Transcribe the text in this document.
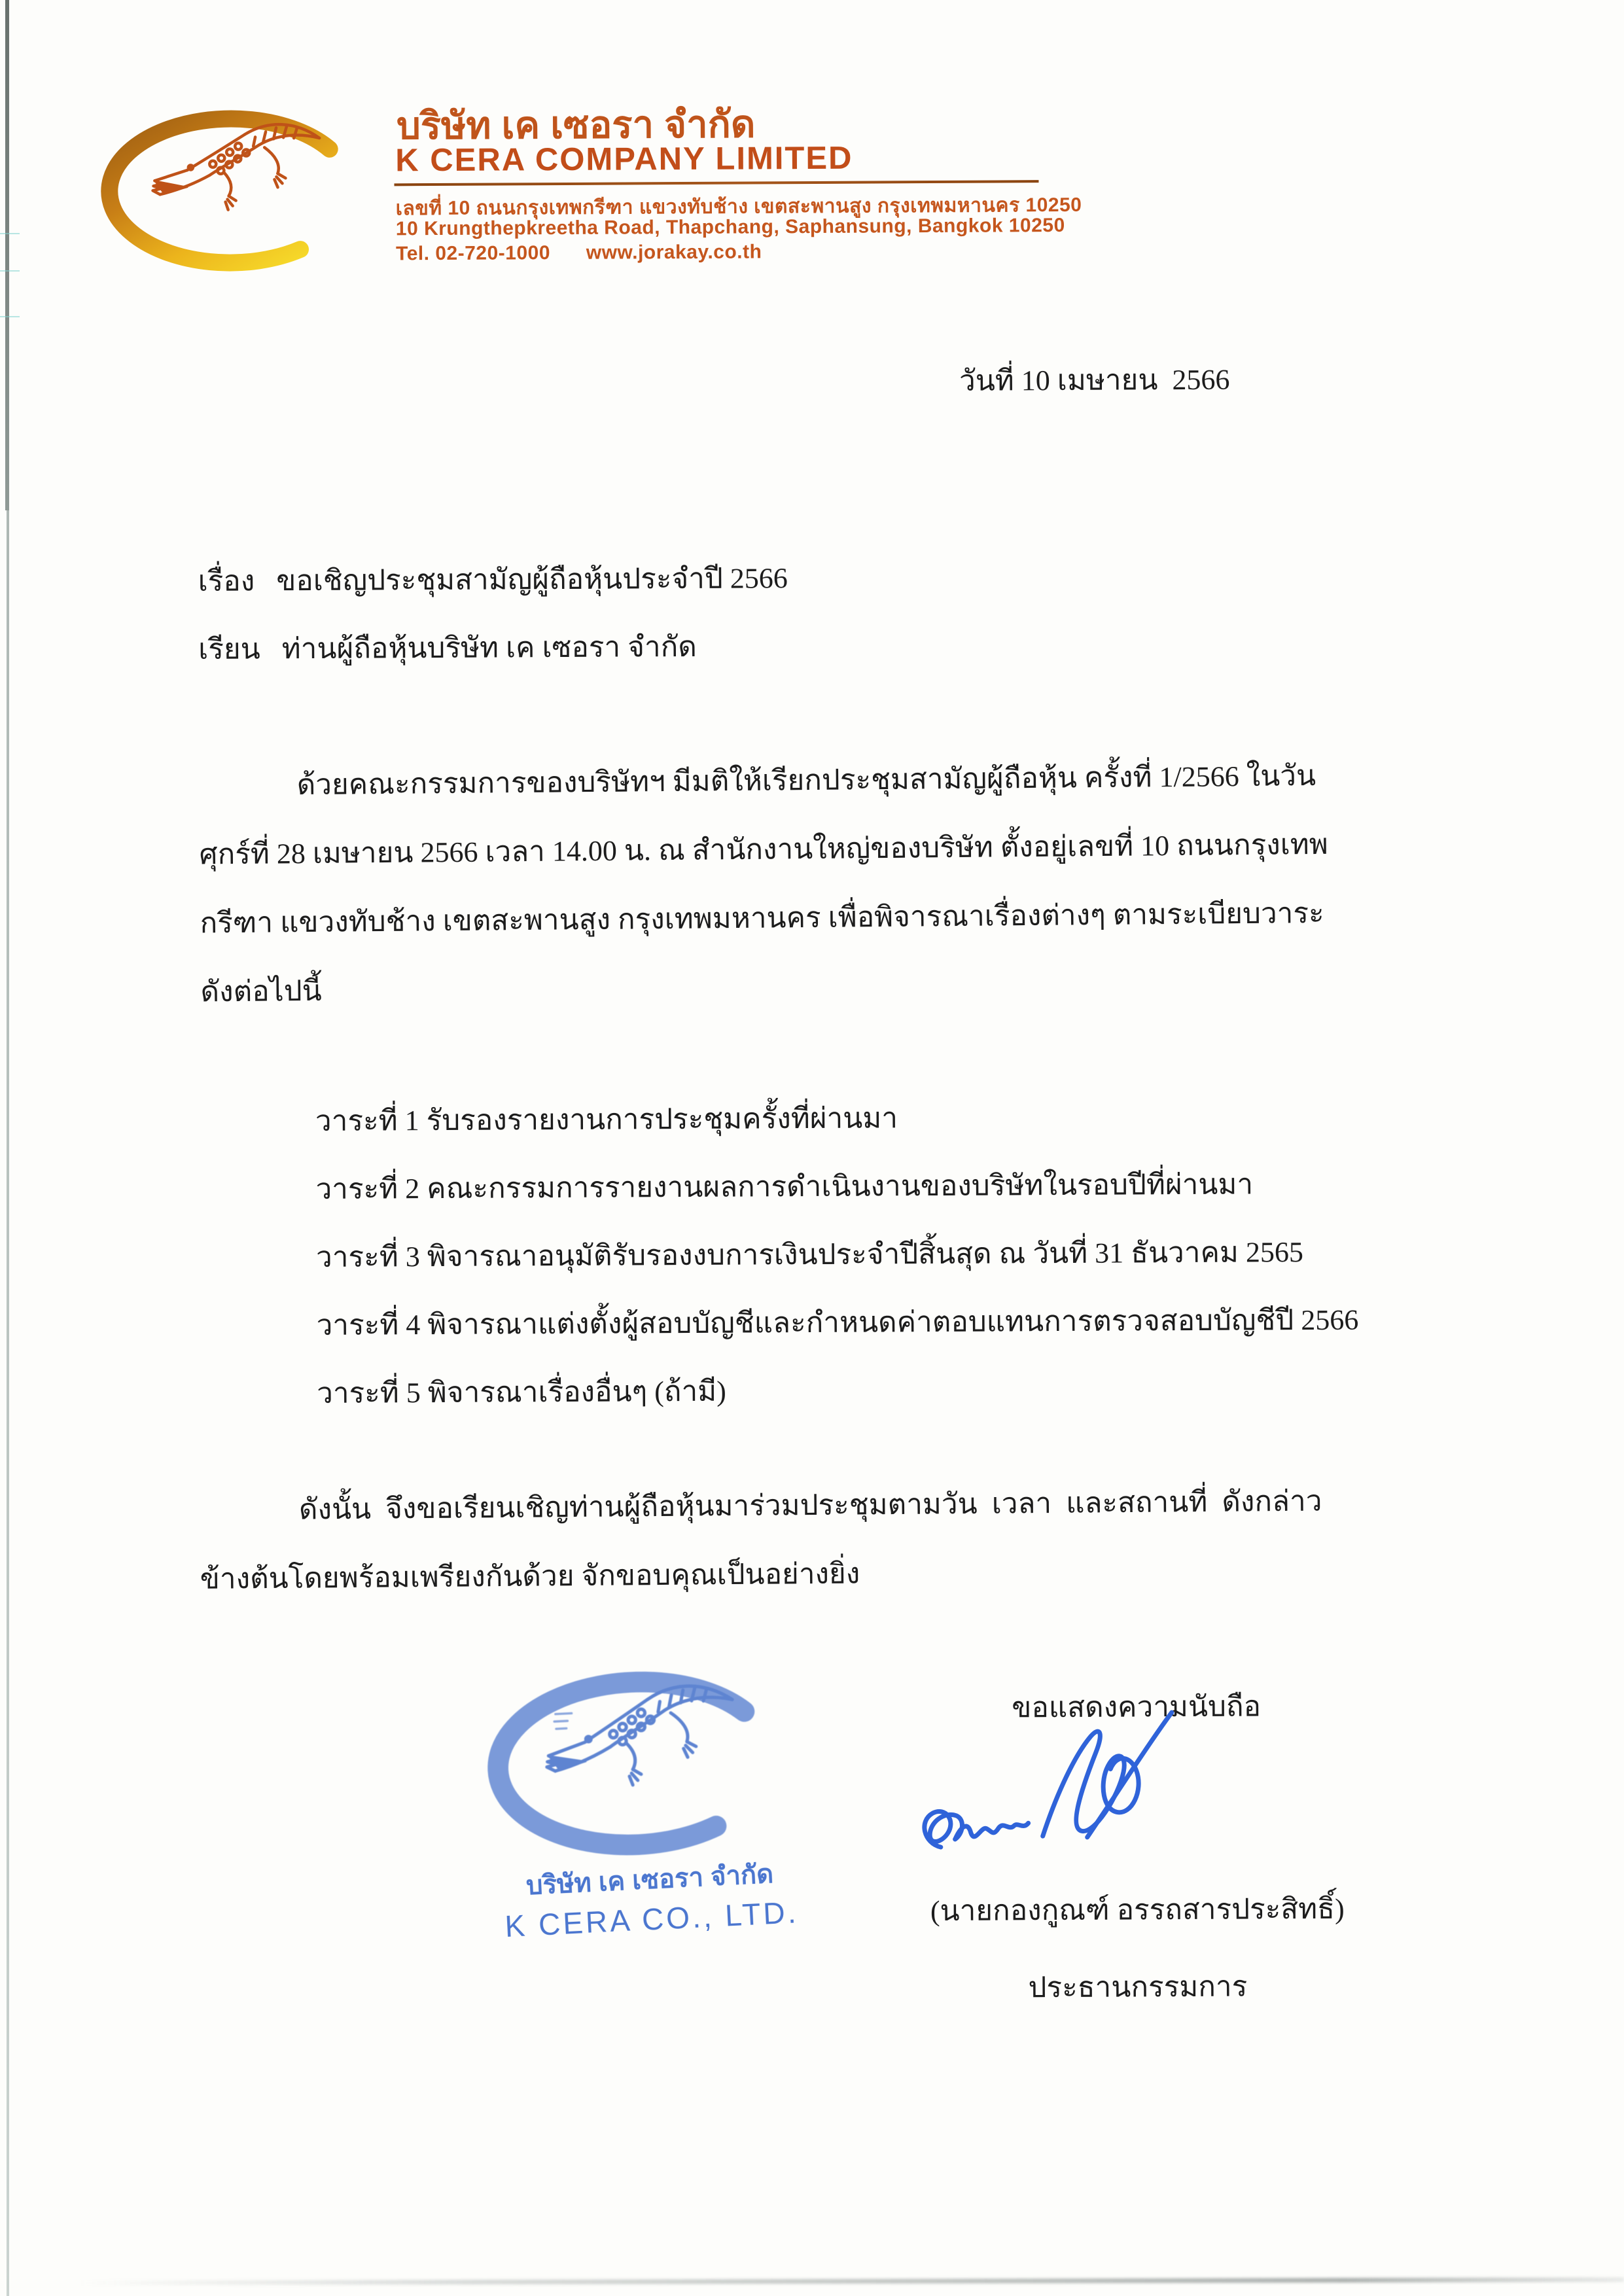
บริษัท เค เซอรา จำกัด
K CERA COMPANY LIMITED
เลขที่ 10 ถนนกรุงเทพกรีฑา แขวงทับช้าง เขตสะพานสูง กรุงเทพมหานคร 10250
10 Krungthepkreetha Road, Thapchang, Saphansung, Bangkok 10250
Tel. 02-720-1000 www.jorakay.co.th
วันที่ 10 เมษายน  2566
เรื่อง ขอเชิญประชุมสามัญผู้ถือหุ้นประจำปี 2566
เรียน ท่านผู้ถือหุ้นบริษัท เค เซอรา จำกัด
ด้วยคณะกรรมการของบริษัทฯ มีมติให้เรียกประชุมสามัญผู้ถือหุ้น ครั้งที่ 1/2566 ในวัน
ศุกร์ที่ 28 เมษายน 2566 เวลา 14.00 น. ณ สำนักงานใหญ่ของบริษัท ตั้งอยู่เลขที่ 10 ถนนกรุงเทพ
กรีฑา แขวงทับช้าง เขตสะพานสูง กรุงเทพมหานคร เพื่อพิจารณาเรื่องต่างๆ ตามระเบียบวาระ
ดังต่อไปนี้
วาระที่ 1 รับรองรายงานการประชุมครั้งที่ผ่านมา
วาระที่ 2 คณะกรรมการรายงานผลการดำเนินงานของบริษัทในรอบปีที่ผ่านมา
วาระที่ 3 พิจารณาอนุมัติรับรองงบการเงินประจำปีสิ้นสุด ณ วันที่ 31 ธันวาคม 2565
วาระที่ 4 พิจารณาแต่งตั้งผู้สอบบัญชีและกำหนดค่าตอบแทนการตรวจสอบบัญชีปี 2566
วาระที่ 5 พิจารณาเรื่องอื่นๆ (ถ้ามี)
ดังนั้น  จึงขอเรียนเชิญท่านผู้ถือหุ้นมาร่วมประชุมตามวัน  เวลา  และสถานที่  ดังกล่าว
ข้างต้นโดยพร้อมเพรียงกันด้วย จักขอบคุณเป็นอย่างยิ่ง
บริษัท เค เซอรา จำกัด
K CERA CO., LTD.
ขอแสดงความนับถือ
(นายกองกูณฑ์ อรรถสารประสิทธิ์)
ประธานกรรมการ
